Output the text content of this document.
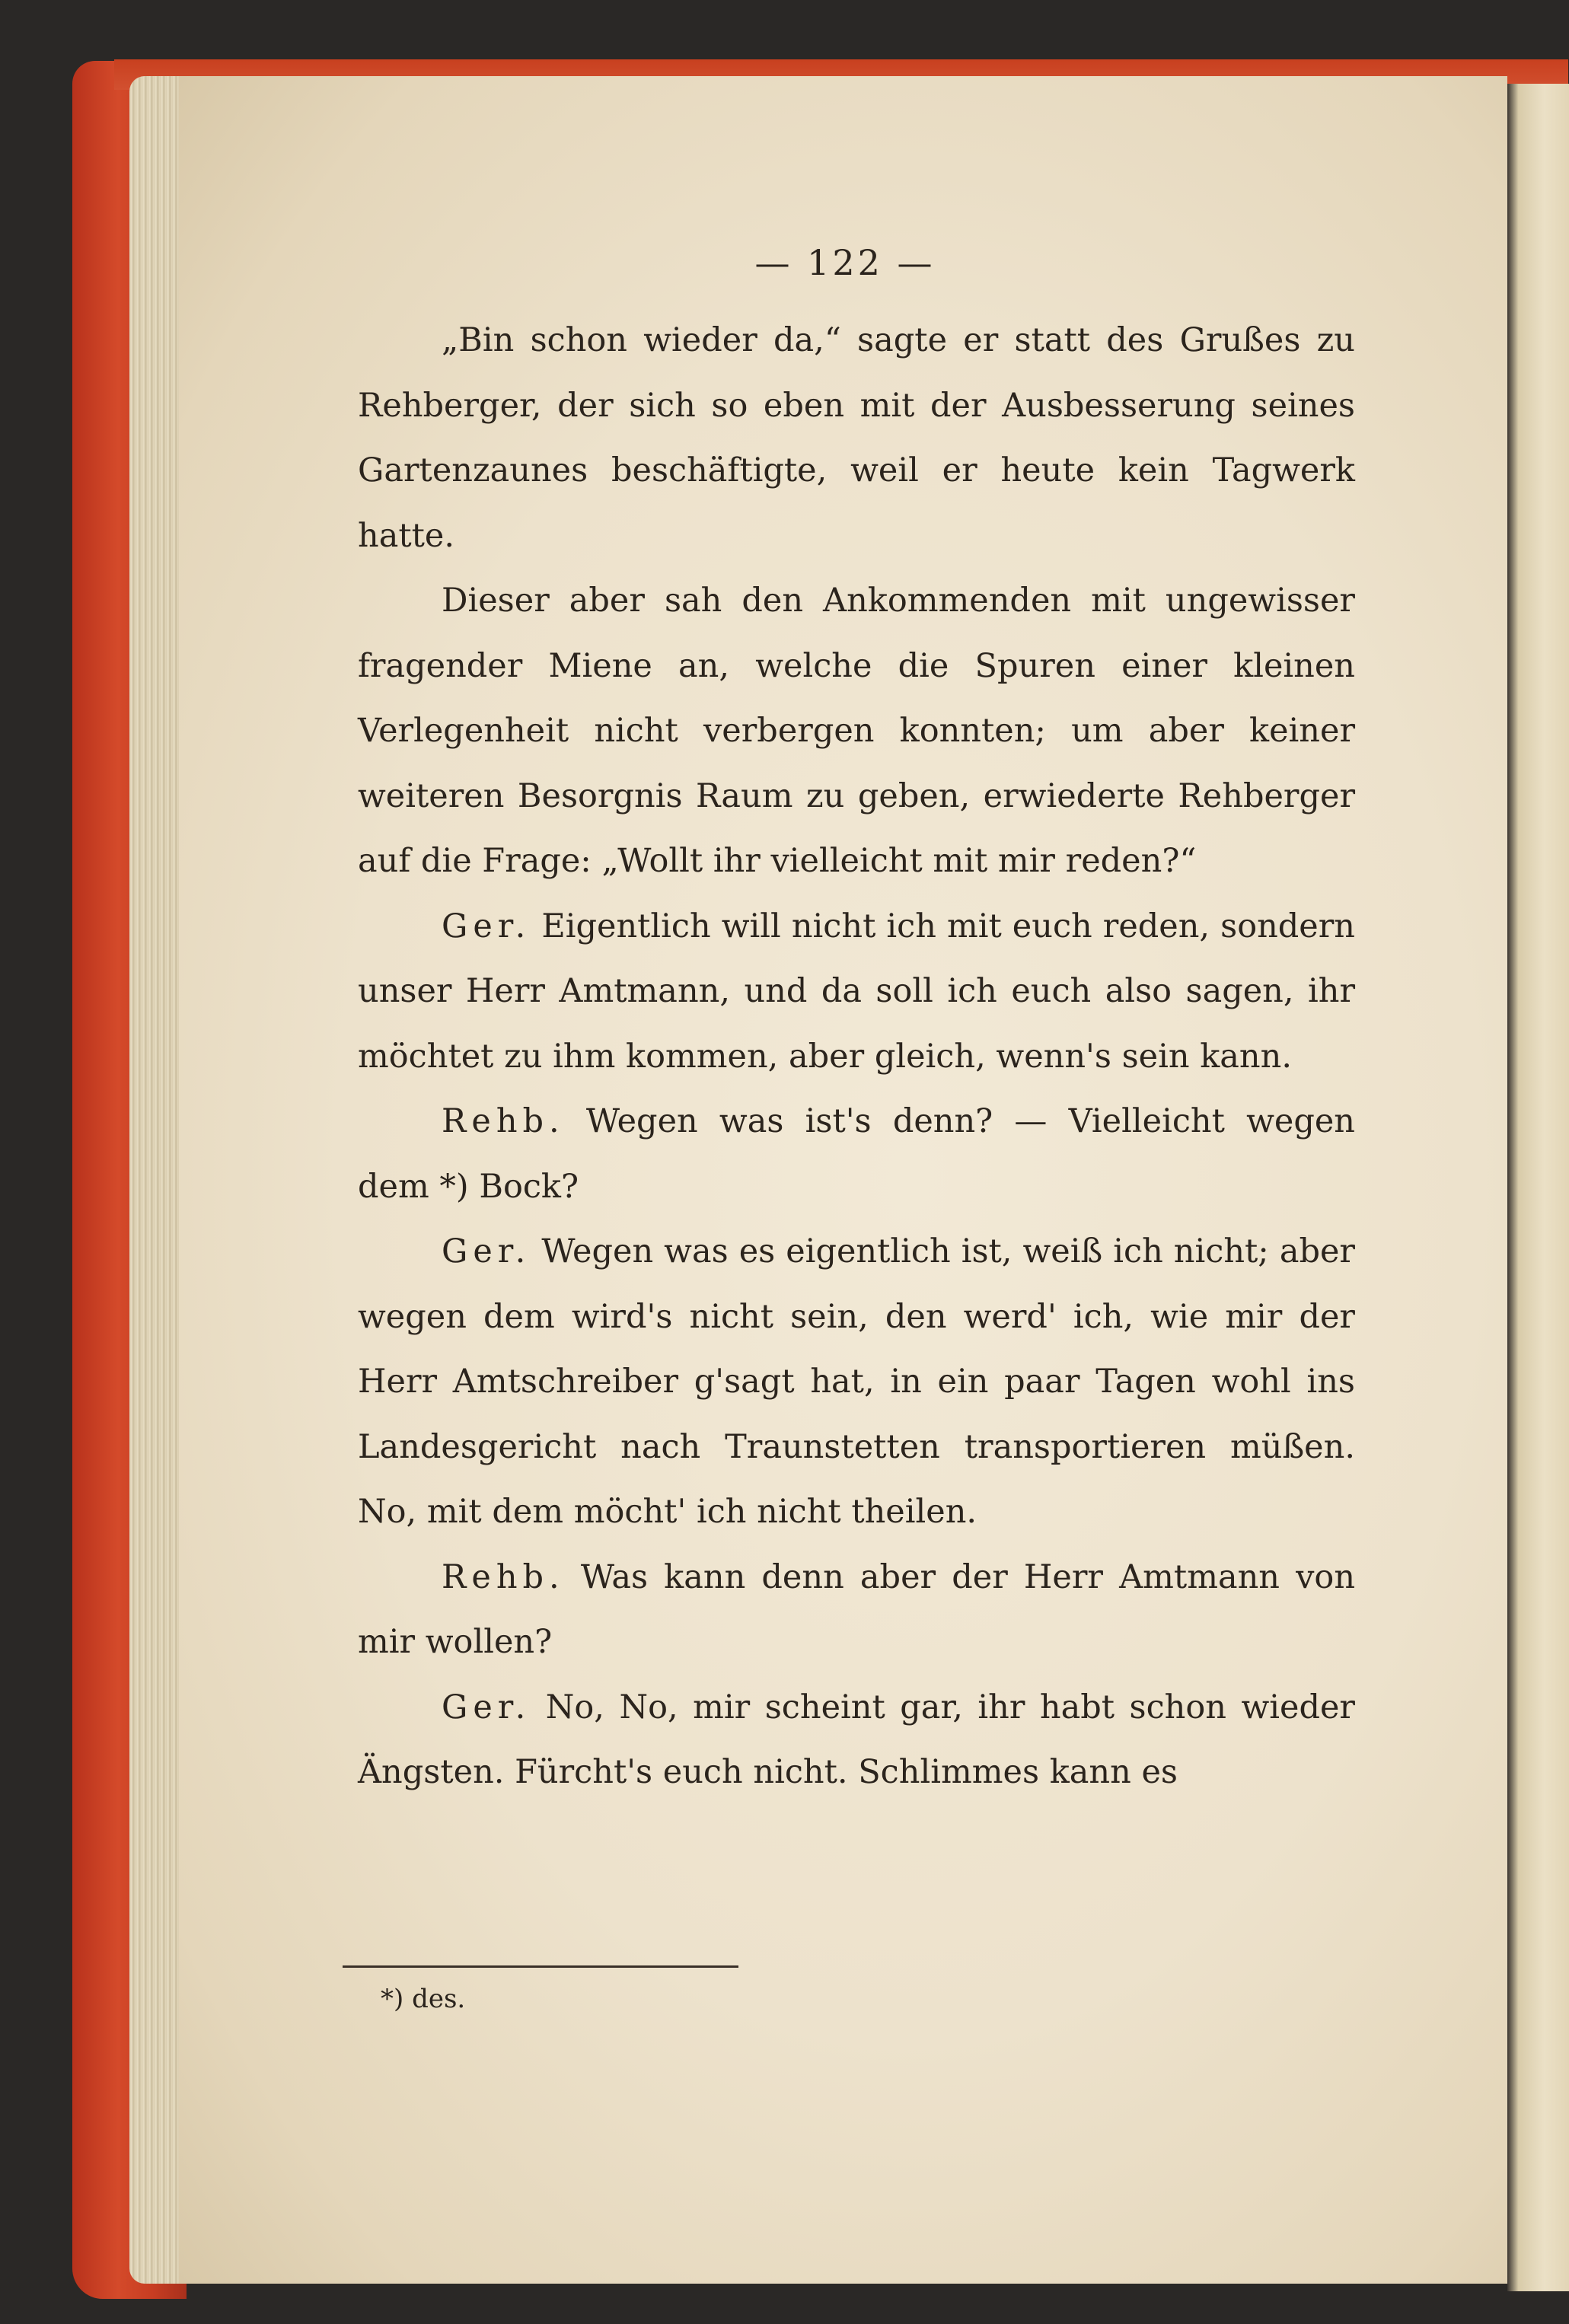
— 122 —

„Bin schon wieder da,“ sagte er statt des Grußes zu Rehberger, der sich so eben mit der Ausbesserung seines Gartenzaunes beschäftigte, weil er heute kein Tagwerk hatte.

Dieser aber sah den Ankommenden mit ungewisser fragender Miene an, welche die Spuren einer kleinen Verlegenheit nicht verbergen konnten; um aber keiner weiteren Besorgnis Raum zu geben, erwiederte Rehberger auf die Frage: „Wollt ihr vielleicht mit mir reden?“

Ger. Eigentlich will nicht ich mit euch reden, sondern unser Herr Amtmann, und da soll ich euch also sagen, ihr möchtet zu ihm kommen, aber gleich, wenn's sein kann.

Rehb. Wegen was ist's denn? — Vielleicht wegen dem *) Bock?

Ger. Wegen was es eigentlich ist, weiß ich nicht; aber wegen dem wird's nicht sein, den werd' ich, wie mir der Herr Amtschreiber g'sagt hat, in ein paar Tagen wohl ins Landesgericht nach Traunstetten transportieren müßen. No, mit dem möcht' ich nicht theilen.

Rehb. Was kann denn aber der Herr Amtmann von mir wollen?

Ger. No, No, mir scheint gar, ihr habt schon wieder Ängsten. Fürcht's euch nicht. Schlimmes kann es

*) des.
